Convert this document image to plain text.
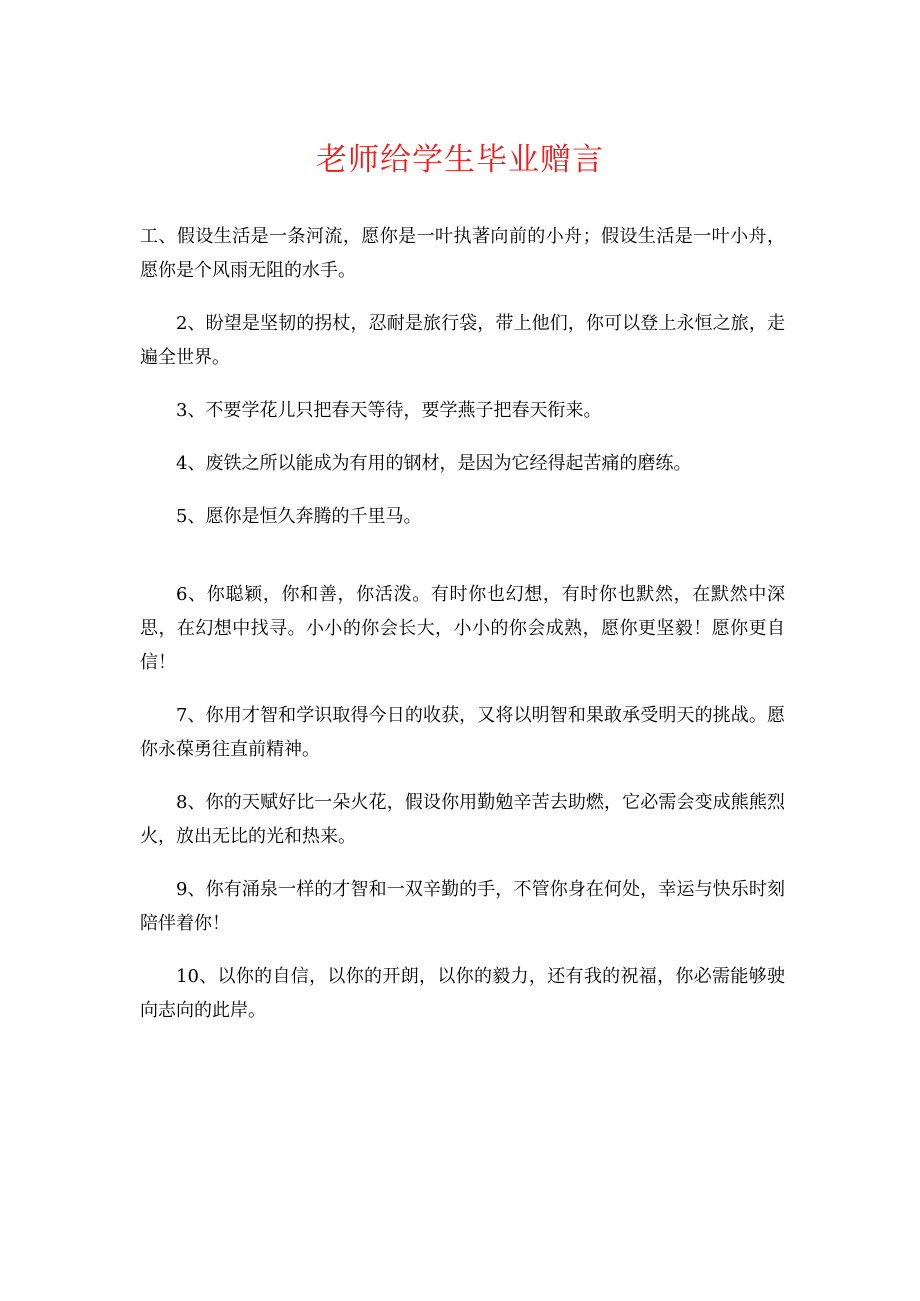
老师给学生毕业赠言

工、假设生活是一条河流，愿你是一叶执著向前的小舟；假设生活是一叶小舟，愿你是个风雨无阻的水手。

2、盼望是坚韧的拐杖，忍耐是旅行袋，带上他们，你可以登上永恒之旅，走遍全世界。

3、不要学花儿只把春天等待，要学燕子把春天衔来。

4、废铁之所以能成为有用的钢材，是因为它经得起苦痛的磨练。

5、愿你是恒久奔腾的千里马。

6、你聪颖，你和善，你活泼。有时你也幻想，有时你也默然，在默然中深思，在幻想中找寻。小小的你会长大，小小的你会成熟，愿你更坚毅！愿你更自信！

7、你用才智和学识取得今日的收获，又将以明智和果敢承受明天的挑战。愿你永葆勇往直前精神。

8、你的天赋好比一朵火花，假设你用勤勉辛苦去助燃，它必需会变成熊熊烈火，放出无比的光和热来。

9、你有涌泉一样的才智和一双辛勤的手，不管你身在何处，幸运与快乐时刻陪伴着你！

10、以你的自信，以你的开朗，以你的毅力，还有我的祝福，你必需能够驶向志向的此岸。
